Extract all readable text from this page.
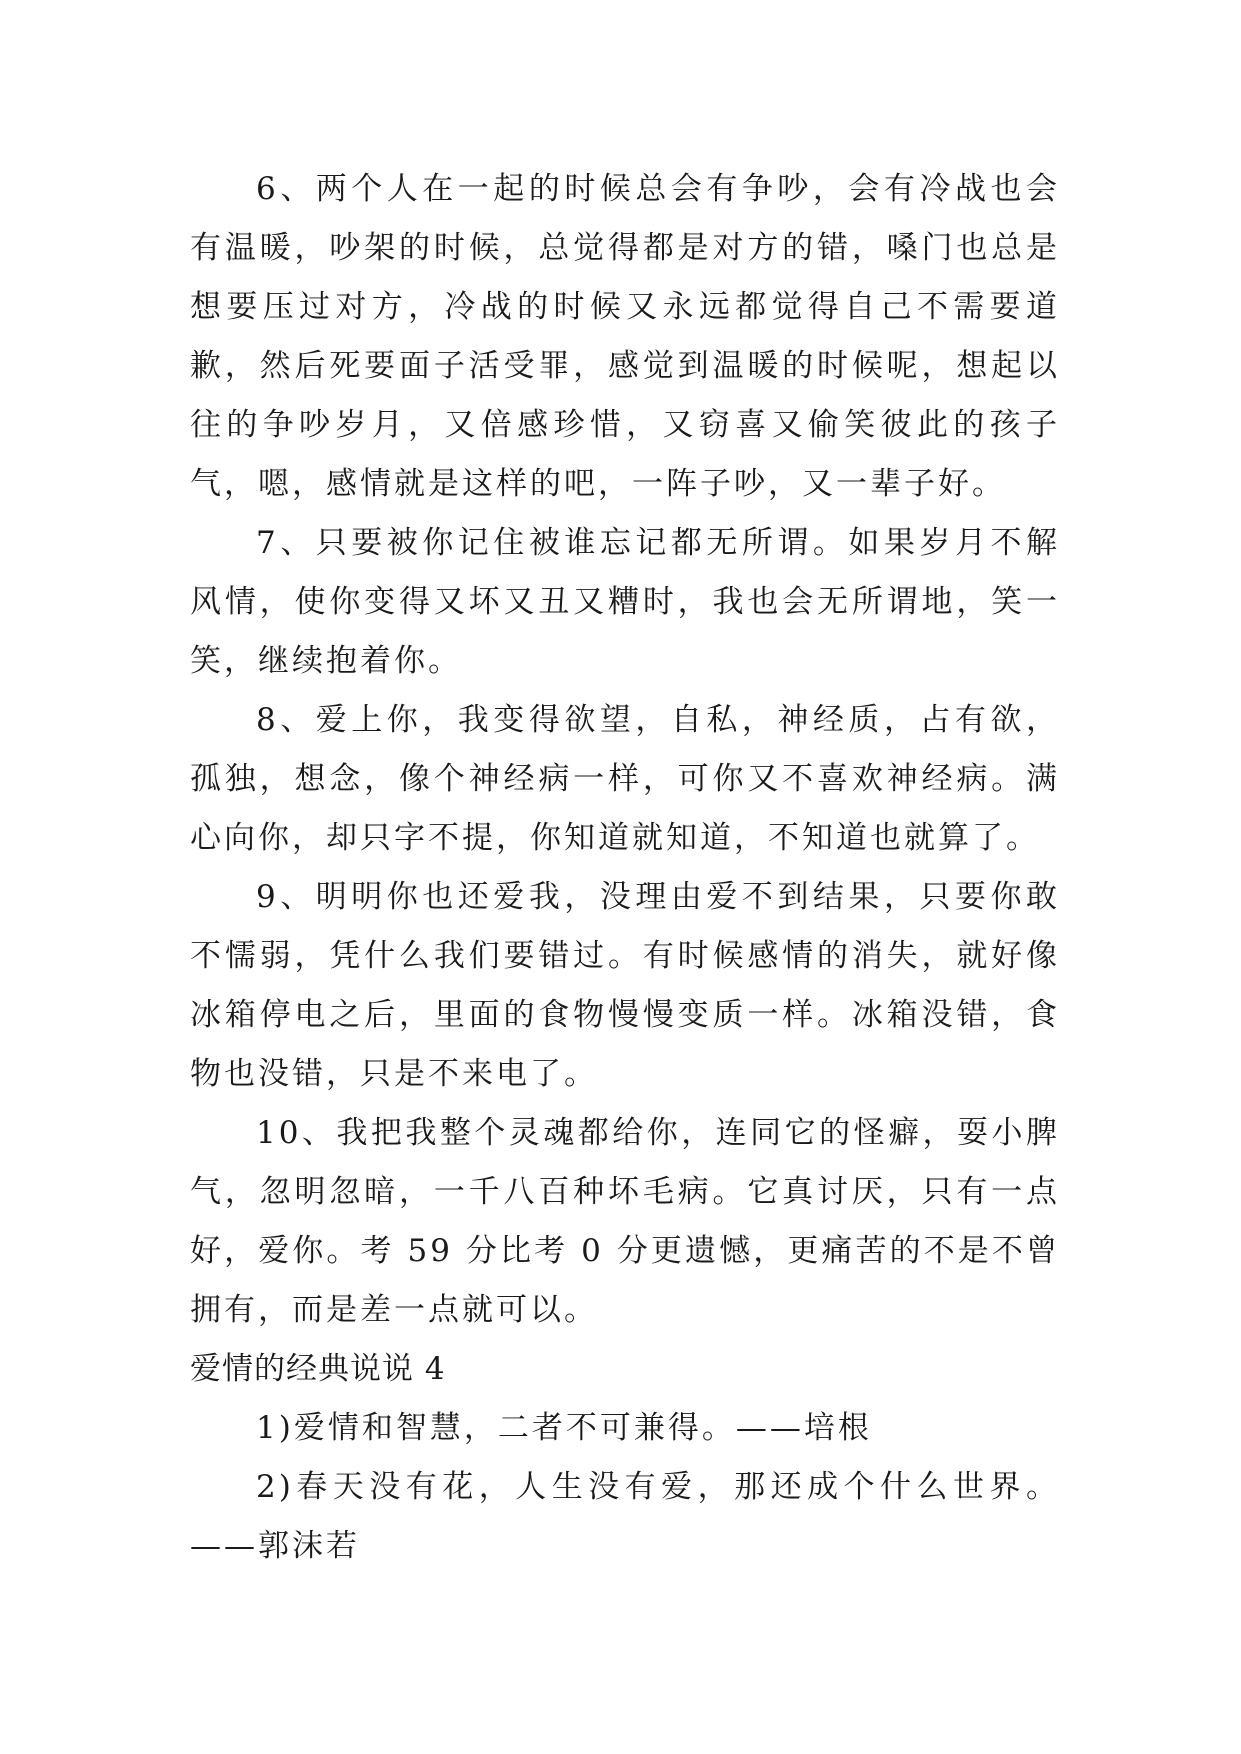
6、两个人在一起的时候总会有争吵，会有冷战也会有温暖，吵架的时候，总觉得都是对方的错，嗓门也总是想要压过对方，冷战的时候又永远都觉得自己不需要道歉，然后死要面子活受罪，感觉到温暖的时候呢，想起以往的争吵岁月，又倍感珍惜，又窃喜又偷笑彼此的孩子气，嗯，感情就是这样的吧，一阵子吵，又一辈子好。

7、只要被你记住被谁忘记都无所谓。如果岁月不解风情，使你变得又坏又丑又糟时，我也会无所谓地，笑一笑，继续抱着你。

8、爱上你，我变得欲望，自私，神经质，占有欲，孤独，想念，像个神经病一样，可你又不喜欢神经病。满心向你，却只字不提，你知道就知道，不知道也就算了。

9、明明你也还爱我，没理由爱不到结果，只要你敢不懦弱，凭什么我们要错过。有时候感情的消失，就好像冰箱停电之后，里面的食物慢慢变质一样。冰箱没错，食物也没错，只是不来电了。

10、我把我整个灵魂都给你，连同它的怪癖，耍小脾气，忽明忽暗，一千八百种坏毛病。它真讨厌，只有一点好，爱你。考 59 分比考 0 分更遗憾，更痛苦的不是不曾拥有，而是差一点就可以。

爱情的经典说说 4

1)爱情和智慧，二者不可兼得。——培根

2)春天没有花，人生没有爱，那还成个什么世界。——郭沫若
